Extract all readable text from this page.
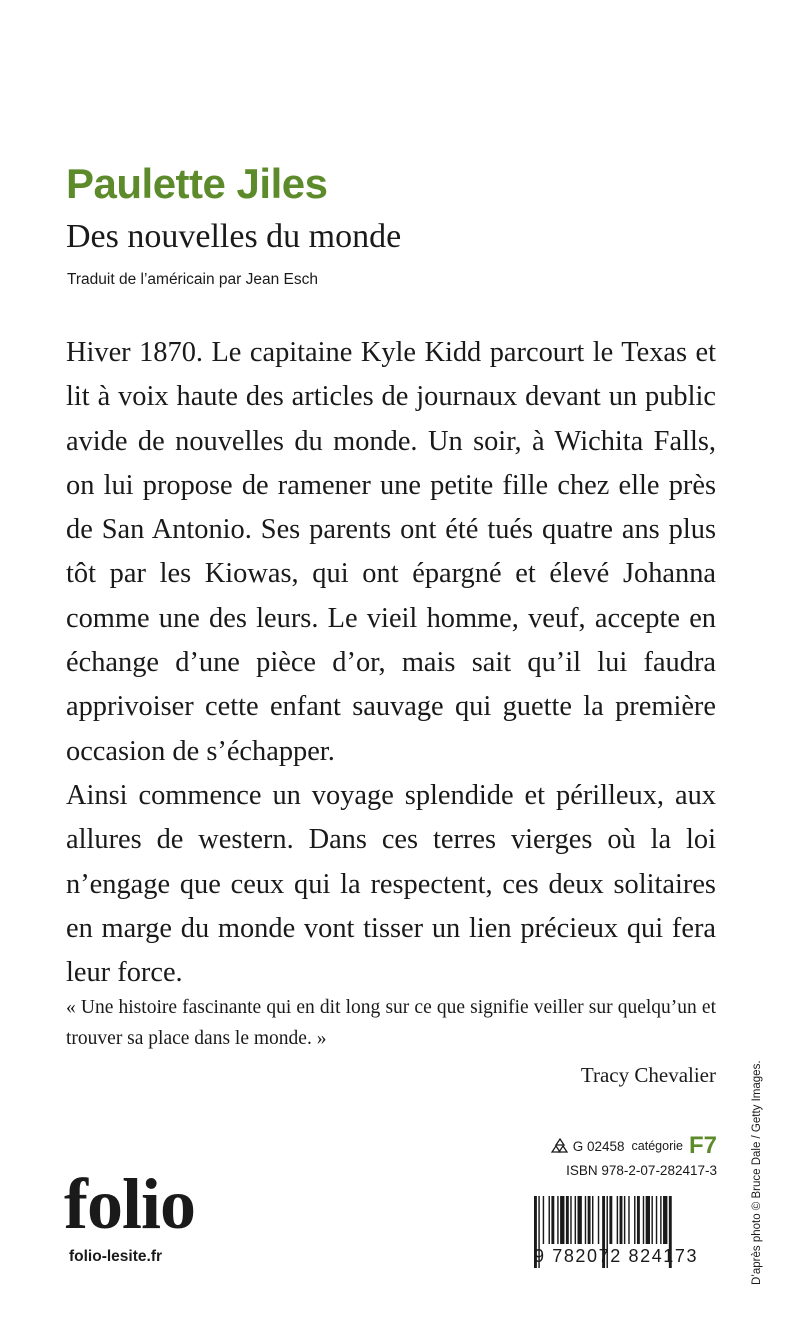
Paulette Jiles
Des nouvelles du monde
Traduit de l’américain par Jean Esch

Hiver 1870. Le capitaine Kyle Kidd parcourt le Texas et lit à voix haute des articles de journaux devant un public avide de nouvelles du monde. Un soir, à Wichita Falls, on lui propose de ramener une petite fille chez elle près de San Antonio. Ses parents ont été tués quatre ans plus tôt par les Kiowas, qui ont épargné et élevé Johanna comme une des leurs. Le vieil homme, veuf, accepte en échange d’une pièce d’or, mais sait qu’il lui faudra apprivoiser cette enfant sauvage qui guette la première occasion de s’échapper.

Ainsi commence un voyage splendide et périlleux, aux allures de western. Dans ces terres vierges où la loi n’engage que ceux qui la respectent, ces deux solitaires en marge du monde vont tisser un lien précieux qui fera leur force.

« Une histoire fascinante qui en dit long sur ce que signifie veiller sur quelqu’un et trouver sa place dans le monde. »

Tracy Chevalier	D’après photo © Bruce Dale / Getty Images.
G 02458 catégorie F7
ISBN 978-2-07-282417-3
9 782072 824173
folio
folio-lesite.fr
